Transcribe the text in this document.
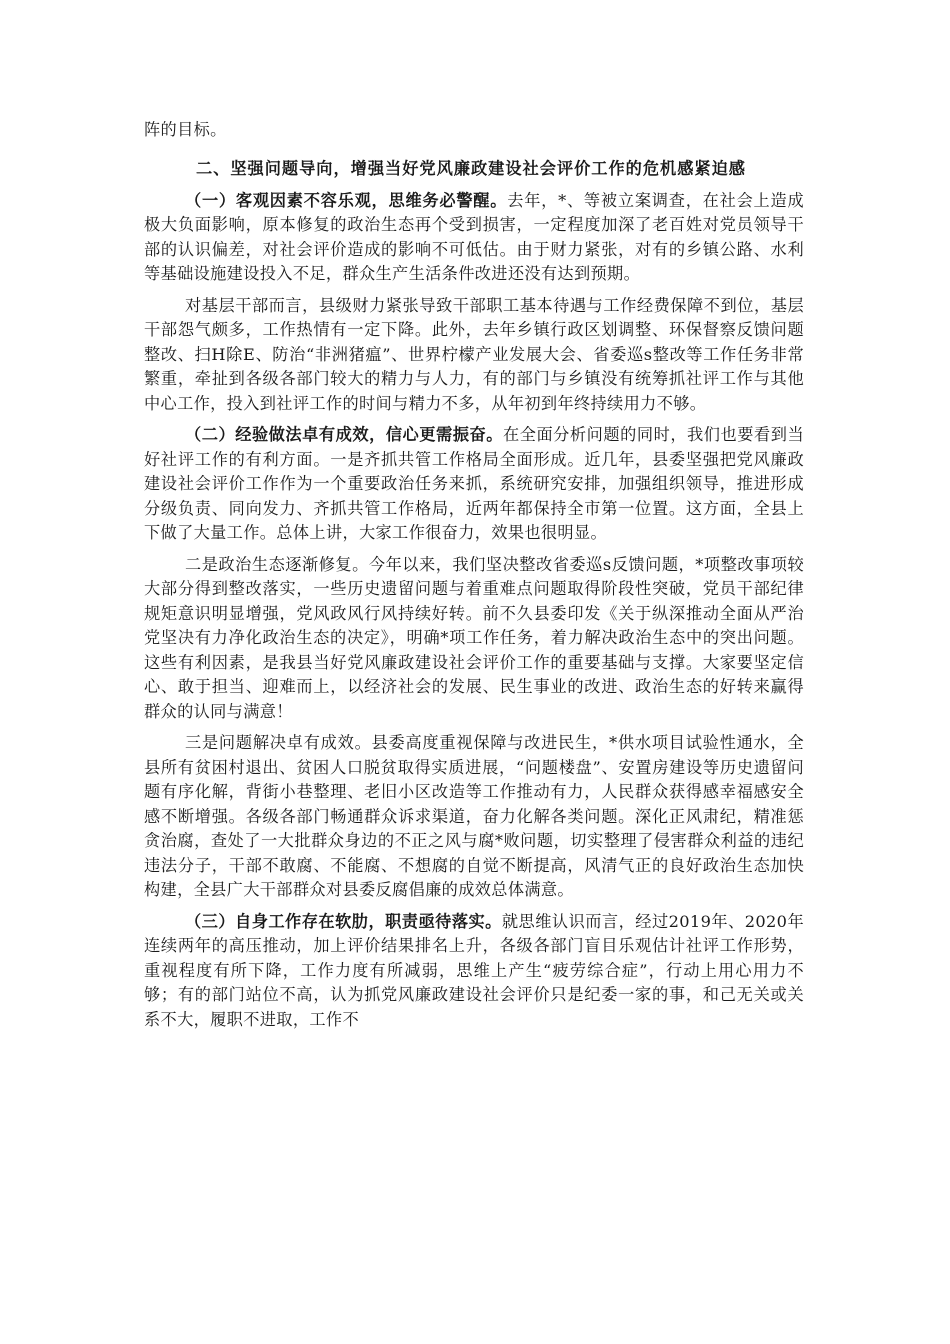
阵的目标。

二、坚强问题导向，增强当好党风廉政建设社会评价工作的危机感紧迫感

（一）客观因素不容乐观，思维务必警醒。去年，*、等被立案调查，在社会上造成极大负面影响，原本修复的政治生态再个受到损害，一定程度加深了老百姓对党员领导干部的认识偏差，对社会评价造成的影响不可低估。由于财力紧张，对有的乡镇公路、水利等基础设施建设投入不足，群众生产生活条件改进还没有达到预期。

对基层干部而言，县级财力紧张导致干部职工基本待遇与工作经费保障不到位，基层干部怨气颇多，工作热情有一定下降。此外，去年乡镇行政区划调整、环保督察反馈问题整改、扫H除E、防治“非洲猪瘟”、世界柠檬产业发展大会、省委巡s整改等工作任务非常繁重，牵扯到各级各部门较大的精力与人力，有的部门与乡镇没有统筹抓社评工作与其他中心工作，投入到社评工作的时间与精力不多，从年初到年终持续用力不够。

（二）经验做法卓有成效，信心更需振奋。在全面分析问题的同时，我们也要看到当好社评工作的有利方面。一是齐抓共管工作格局全面形成。近几年，县委坚强把党风廉政建设社会评价工作作为一个重要政治任务来抓，系统研究安排，加强组织领导，推进形成分级负责、同向发力、齐抓共管工作格局，近两年都保持全市第一位置。这方面，全县上下做了大量工作。总体上讲，大家工作很奋力，效果也很明显。

二是政治生态逐渐修复。今年以来，我们坚决整改省委巡s反馈问题，*项整改事项较大部分得到整改落实，一些历史遗留问题与着重难点问题取得阶段性突破，党员干部纪律规矩意识明显增强，党风政风行风持续好转。前不久县委印发《关于纵深推动全面从严治党坚决有力净化政治生态的决定》，明确*项工作任务，着力解决政治生态中的突出问题。这些有利因素，是我县当好党风廉政建设社会评价工作的重要基础与支撑。大家要坚定信心、敢于担当、迎难而上，以经济社会的发展、民生事业的改进、政治生态的好转来赢得群众的认同与满意！

三是问题解决卓有成效。县委高度重视保障与改进民生，*供水项目试验性通水，全县所有贫困村退出、贫困人口脱贫取得实质进展，“问题楼盘”、安置房建设等历史遗留问题有序化解，背街小巷整理、老旧小区改造等工作推动有力，人民群众获得感幸福感安全感不断增强。各级各部门畅通群众诉求渠道，奋力化解各类问题。深化正风肃纪，精准惩贪治腐，查处了一大批群众身边的不正之风与腐*败问题，切实整理了侵害群众利益的违纪违法分子，干部不敢腐、不能腐、不想腐的自觉不断提高，风清气正的良好政治生态加快构建，全县广大干部群众对县委反腐倡廉的成效总体满意。

（三）自身工作存在软肋，职责亟待落实。就思维认识而言，经过2019年、2020年连续两年的高压推动，加上评价结果排名上升，各级各部门盲目乐观估计社评工作形势，重视程度有所下降，工作力度有所减弱，思维上产生“疲劳综合症”，行动上用心用力不够；有的部门站位不高，认为抓党风廉政建设社会评价只是纪委一家的事，和己无关或关系不大，履职不进取，工作不
